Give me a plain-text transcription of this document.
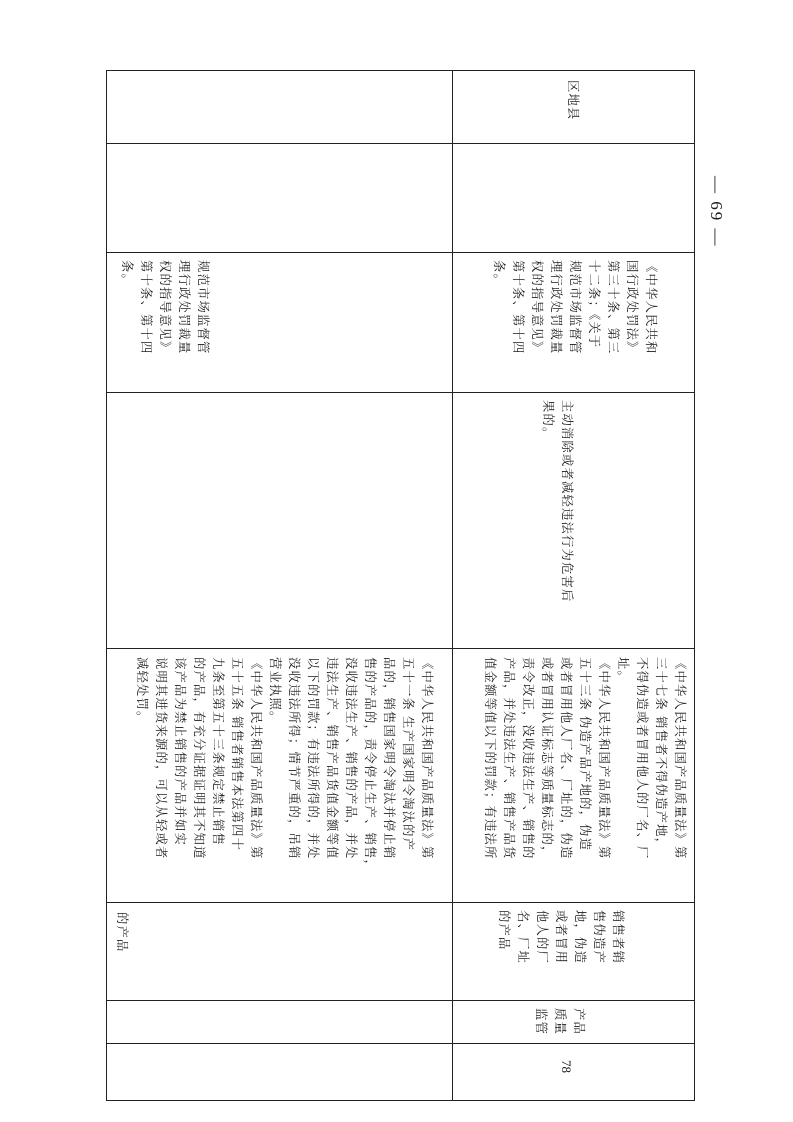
的产品
《中华人民共和国产品质量法》第
五十一条 生产国家明令淘汰的产
品的，销售国家明令淘汰并停止销
售的产品的，责令停止生产、销售，
没收违法生产、销售的产品，并处
违法生产、销售产品货值金额等值
以下的罚款；有违法所得的，并处
没收违法所得；情节严重的，吊销
营业执照。
《中华人民共和国产品质量法》第
五十五条 销售者销售本法第四十
九条至第五十三条规定禁止销售
的产品，有充分证据证明其不知道
该产品为禁止销售的产品并如实
说明其进货来源的，可以从轻或者
减轻处罚。
规范市场监督管
理行政处罚裁量
权的指导意见》
第十条、第十四
条。
78
产品
质量
监管
销售者销
售伪造产
地，伪造
或者冒用
他人的厂
名、厂址
的产品
《中华人民共和国产品质量法》第
三十七条 销售者不得伪造产地，
不得伪造或者冒用他人的厂名、厂
址。
《中华人民共和国产品质量法》第
五十三条 伪造产品产地的，伪造
或者冒用他人厂名、厂址的，伪造
或者冒用认证标志等质量标志的，
责令改正，没收违法生产、销售的
产品，并处违法生产、销售产品货
值金额等值以下的罚款；有违法所
主动消除或者减轻违法行为危害后
果的。
《中华人民共和
国行政处罚法》
第三十条、第三
十二条；《关于
规范市场监督管
理行政处罚裁量
权的指导意见》
第十条、第十四
条。
区地县
— 69 —
